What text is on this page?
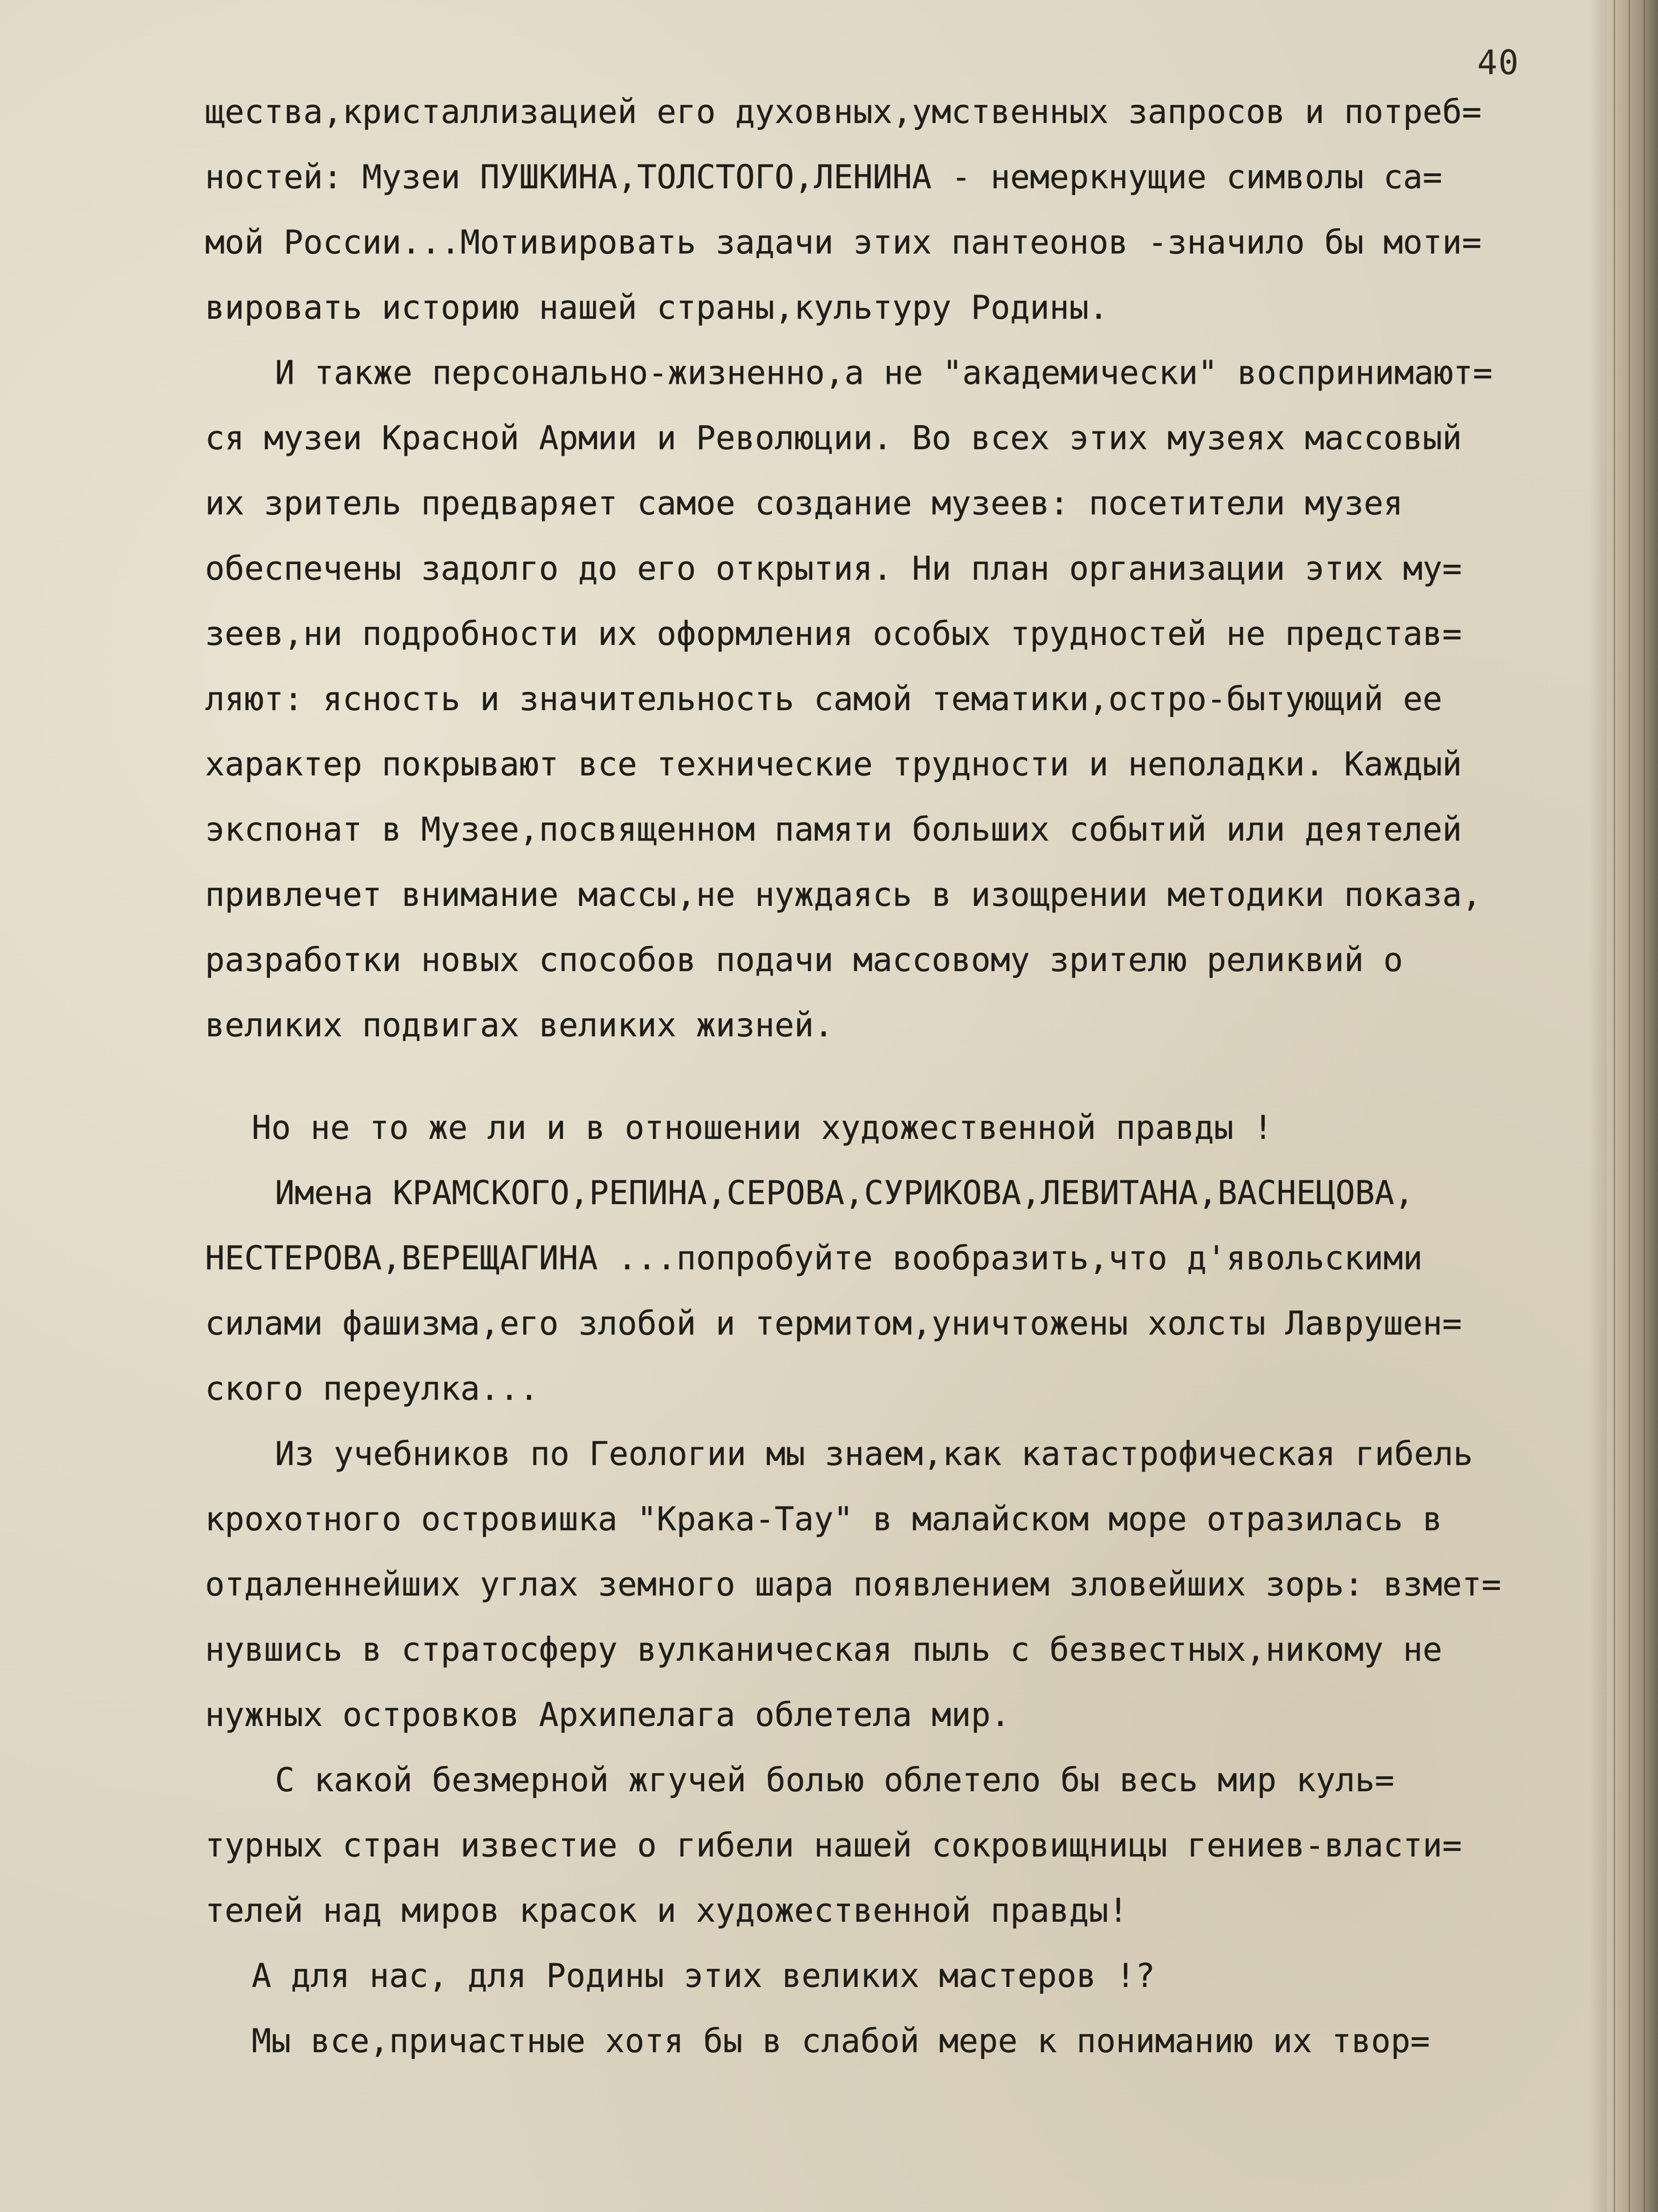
40
щества,кристаллизацией его духовных,умственных запросов и потреб=
ностей: Музеи ПУШКИНА,ТОЛСТОГО,ЛЕНИНА - немеркнущие символы са=
мой России...Мотивировать задачи этих пантеонов -значило бы моти=
вировать историю нашей страны,культуру Родины.
И также персонально-жизненно,а не "академически" воспринимают=
ся музеи Красной Армии и Революции. Во всех этих музеях массовый
их зритель предваряет самое создание музеев: посетители музея
обеспечены задолго до его открытия. Ни план организации этих му=
зеев,ни подробности их оформления особых трудностей не представ=
ляют: ясность и значительность самой тематики,остро-бытующий ее
характер покрывают все технические трудности и неполадки. Каждый
экспонат в Музее,посвященном памяти больших событий или деятелей
привлечет внимание массы,не нуждаясь в изощрении методики показа,
разработки новых способов подачи массовому зрителю реликвий о
великих подвигах великих жизней.
Но не то же ли и в отношении художественной правды !
Имена КРАМСКОГО,РЕПИНА,СЕРОВА,СУРИКОВА,ЛЕВИТАНА,ВАСНЕЦОВА,
НЕСТЕРОВА,ВЕРЕЩАГИНА ...попробуйте вообразить,что д'явольскими
силами фашизма,его злобой и термитом,уничтожены холсты Лаврушен=
ского переулка...
Из учебников по Геологии мы знаем,как катастрофическая гибель
крохотного островишка "Крака-Тау" в малайском море отразилась в
отдаленнейших углах земного шара появлением зловейших зорь: взмет=
нувшись в стратосферу вулканическая пыль с безвестных,никому не
нужных островков Архипелага облетела мир.
С какой безмерной жгучей болью облетело бы весь мир куль=
турных стран известие о гибели нашей сокровищницы гениев-власти=
телей над миров красок и художественной правды!
А для нас, для Родины этих великих мастеров !?
Мы все,причастные хотя бы в слабой мере к пониманию их твор=
